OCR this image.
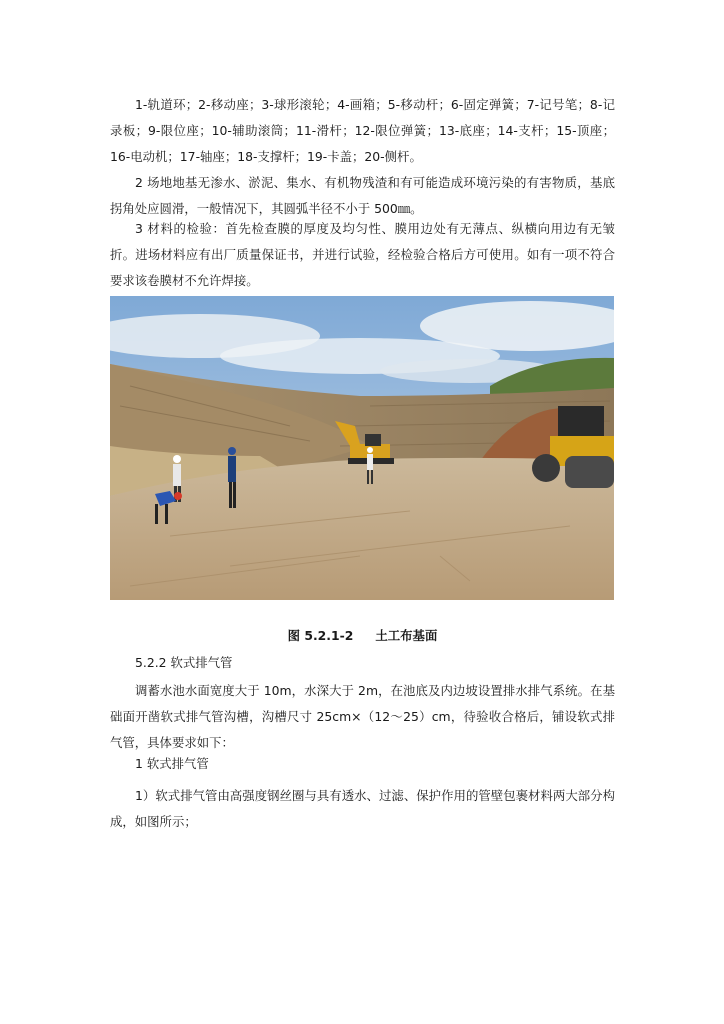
1-轨道环；2-移动座；3-球形滚轮；4-画箱；5-移动杆；6-固定弹簧；7-记号笔；8-记录板；9-限位座；10-辅助滚筒；11-滑杆；12-限位弹簧；13-底座；14-支杆；15-顶座；16-电动机；17-轴座；18-支撑杆；19-卡盖；20-侧杆。

2 场地地基无渗水、淤泥、集水、有机物残渣和有可能造成环境污染的有害物质，基底拐角处应圆滑，一般情况下，其圆弧半径不小于 500㎜。

3 材料的检验：首先检查膜的厚度及均匀性、膜用边处有无薄点、纵横向用边有无皱折。进场材料应有出厂质量保证书，并进行试验，经检验合格后方可使用。如有一项不符合要求该卷膜材不允许焊接。

图 5.2.1-2 土工布基面

5.2.2 软式排气管

调蓄水池水面宽度大于 10m，水深大于 2m，在池底及内边坡设置排水排气系统。在基础面开凿软式排气管沟槽，沟槽尺寸 25cm×（12～25）cm，待验收合格后，铺设软式排气管，具体要求如下：

1 软式排气管

1）软式排气管由高强度钢丝圈与具有透水、过滤、保护作用的管壁包裹材料两大部分构成，如图所示；
